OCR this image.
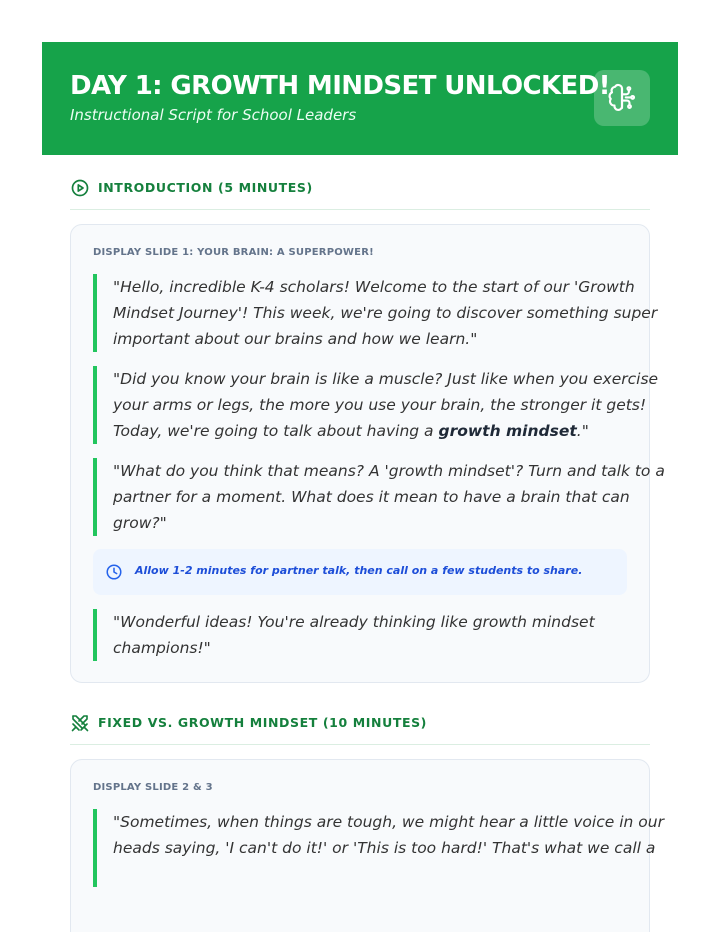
DAY 1: GROWTH MINDSET UNLOCKED!
Instructional Script for School Leaders
INTRODUCTION (5 MINUTES)
DISPLAY SLIDE 1: YOUR BRAIN: A SUPERPOWER!
"Hello, incredible K-4 scholars! Welcome to the start of our 'Growth
Mindset Journey'! This week, we're going to discover something super
important about our brains and how we learn."
"Did you know your brain is like a muscle? Just like when you exercise
your arms or legs, the more you use your brain, the stronger it gets!
Today, we're going to talk about having a growth mindset."
"What do you think that means? A 'growth mindset'? Turn and talk to a
partner for a moment. What does it mean to have a brain that can
grow?"
Allow 1-2 minutes for partner talk, then call on a few students to share.
"Wonderful ideas! You're already thinking like growth mindset
champions!"
FIXED VS. GROWTH MINDSET (10 MINUTES)
DISPLAY SLIDE 2 & 3
"Sometimes, when things are tough, we might hear a little voice in our
heads saying, 'I can't do it!' or 'This is too hard!' That's what we call a
